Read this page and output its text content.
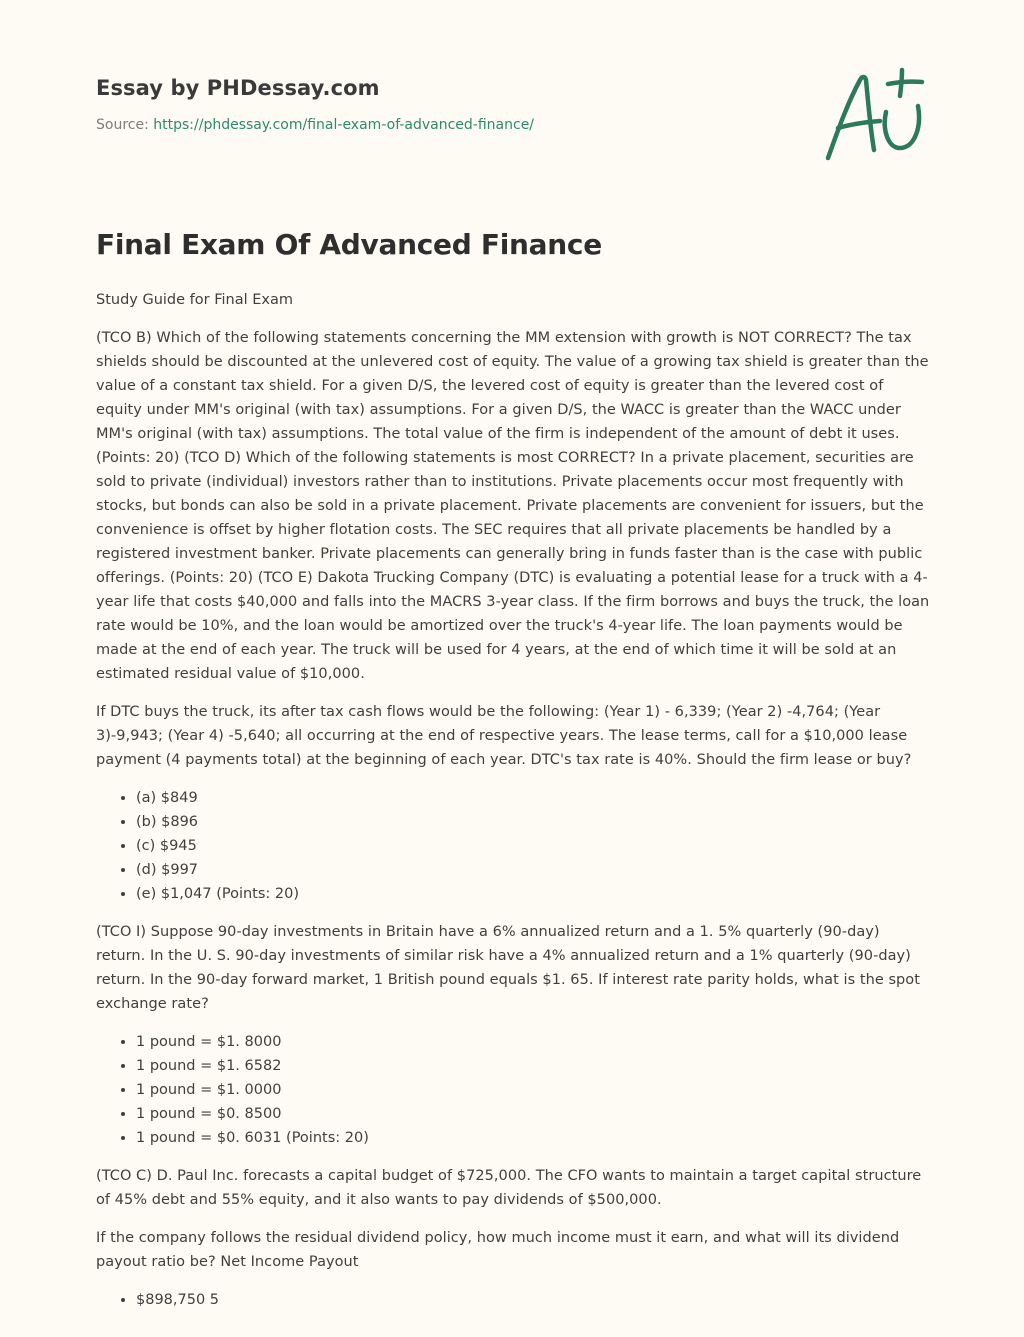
Essay by PHDessay.com
Source: https://phdessay.com/final-exam-of-advanced-finance/
Final Exam Of Advanced Finance
Study Guide for Final Exam

(TCO B) Which of the following statements concerning the MM extension with growth is NOT CORRECT? The tax shields should be discounted at the unlevered cost of equity. The value of a growing tax shield is greater than the value of a constant tax shield. For a given D/S, the levered cost of equity is greater than the levered cost of equity under MM's original (with tax) assumptions. For a given D/S, the WACC is greater than the WACC under MM's original (with tax) assumptions. The total value of the firm is independent of the amount of debt it uses. (Points: 20) (TCO D) Which of the following statements is most CORRECT? In a private placement, securities are sold to private (individual) investors rather than to institutions. Private placements occur most frequently with stocks, but bonds can also be sold in a private placement. Private placements are convenient for issuers, but the convenience is offset by higher flotation costs. The SEC requires that all private placements be handled by a registered investment banker. Private placements can generally bring in funds faster than is the case with public offerings. (Points: 20) (TCO E) Dakota Trucking Company (DTC) is evaluating a potential lease for a truck with a 4-year life that costs $40,000 and falls into the MACRS 3-year class. If the firm borrows and buys the truck, the loan rate would be 10%, and the loan would be amortized over the truck's 4-year life. The loan payments would be made at the end of each year. The truck will be used for 4 years, at the end of which time it will be sold at an estimated residual value of $10,000.

If DTC buys the truck, its after tax cash flows would be the following: (Year 1) - 6,339; (Year 2) -4,764; (Year 3)-9,943; (Year 4) -5,640; all occurring at the end of respective years. The lease terms, call for a $10,000 lease payment (4 payments total) at the beginning of each year. DTC's tax rate is 40%. Should the firm lease or buy?

• (a) $849
• (b) $896
• (c) $945
• (d) $997
• (e) $1,047 (Points: 20)

(TCO I) Suppose 90-day investments in Britain have a 6% annualized return and a 1. 5% quarterly (90-day) return. In the U. S. 90-day investments of similar risk have a 4% annualized return and a 1% quarterly (90-day) return. In the 90-day forward market, 1 British pound equals $1. 65. If interest rate parity holds, what is the spot exchange rate?

• 1 pound = $1. 8000
• 1 pound = $1. 6582
• 1 pound = $1. 0000
• 1 pound = $0. 8500
• 1 pound = $0. 6031 (Points: 20)

(TCO C) D. Paul Inc. forecasts a capital budget of $725,000. The CFO wants to maintain a target capital structure of 45% debt and 55% equity, and it also wants to pay dividends of $500,000.

If the company follows the residual dividend policy, how much income must it earn, and what will its dividend payout ratio be? Net Income Payout

• $898,750 5
